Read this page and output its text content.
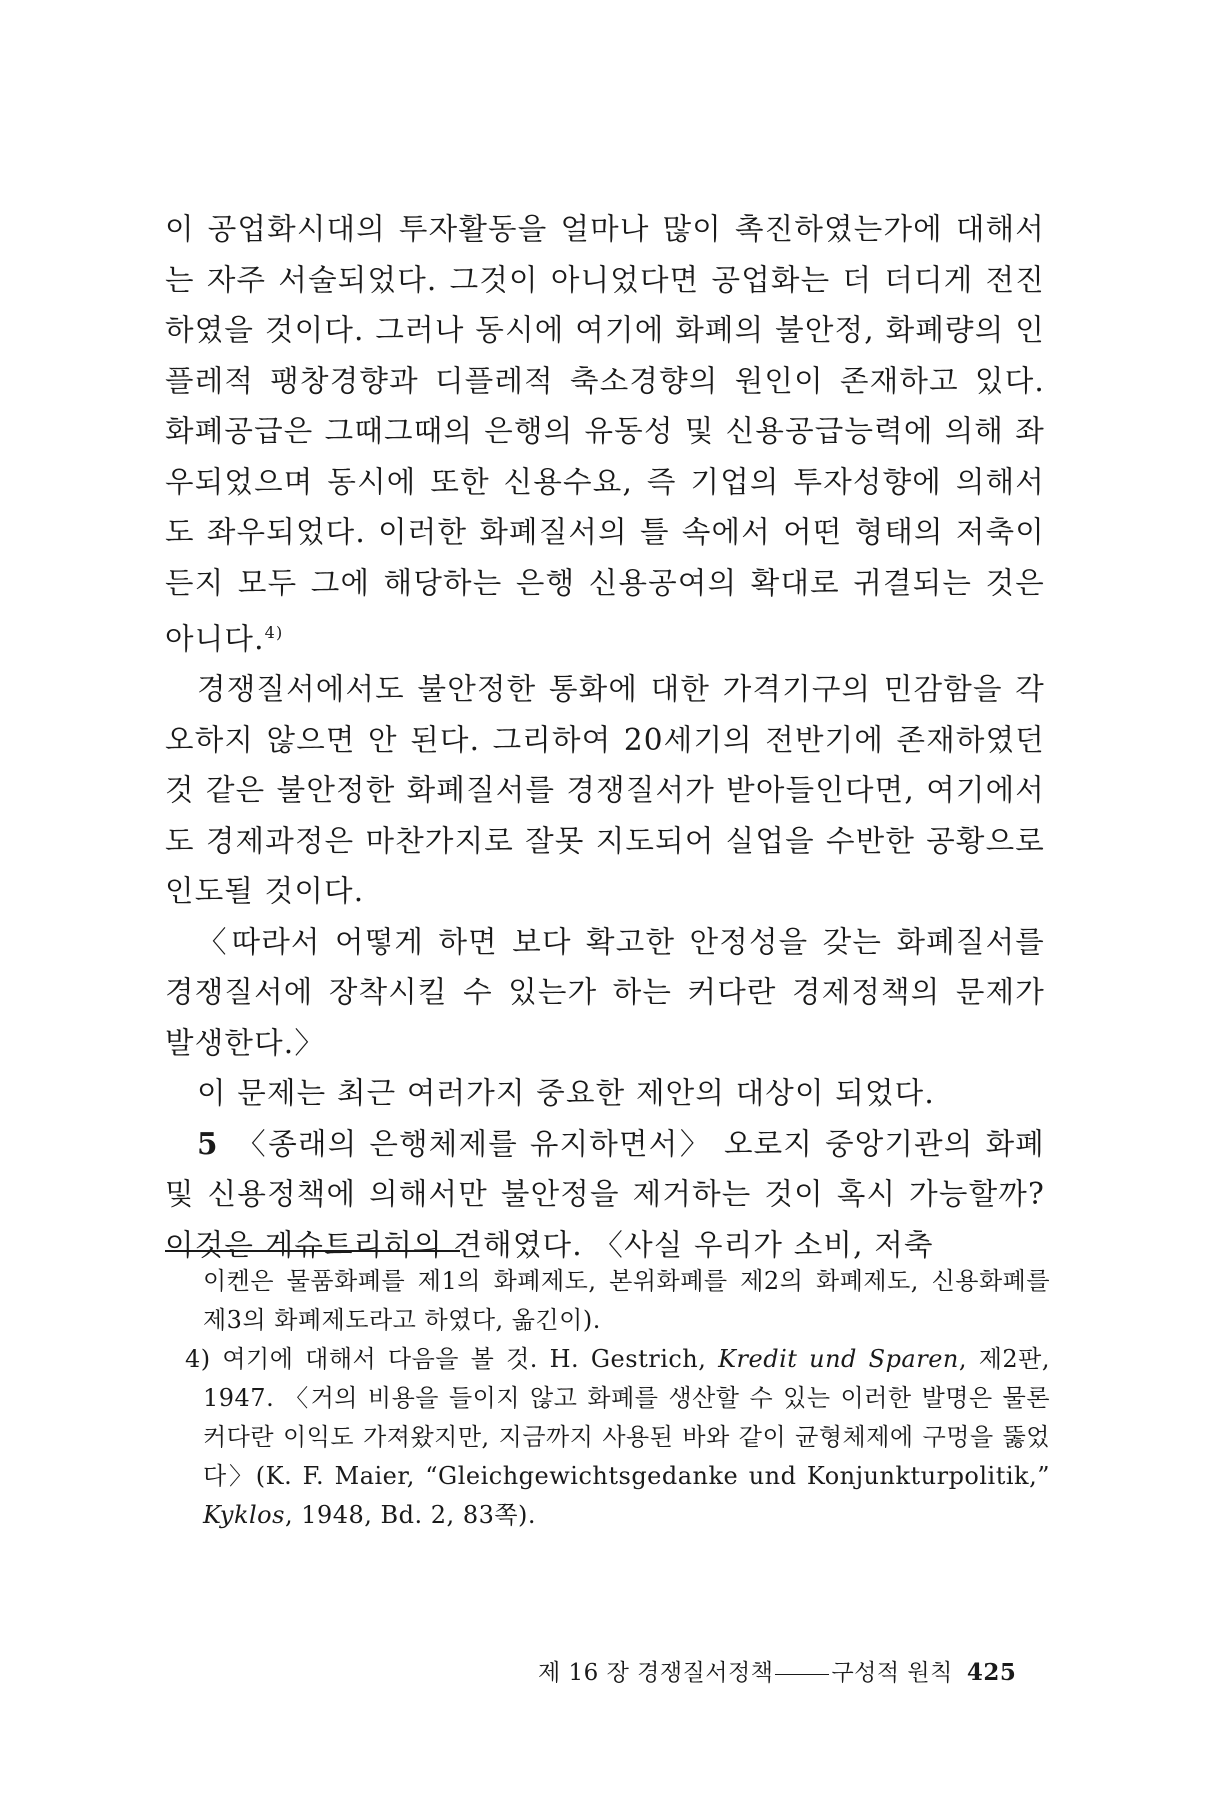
이 공업화시대의 투자활동을 얼마나 많이 촉진하였는가에 대해서는 자주 서술되었다. 그것이 아니었다면 공업화는 더 더디게 전진하였을 것이다. 그러나 동시에 여기에 화폐의 불안정, 화폐량의 인플레적 팽창경향과 디플레적 축소경향의 원인이 존재하고 있다. 화폐공급은 그때그때의 은행의 유동성 및 신용공급능력에 의해 좌우되었으며 동시에 또한 신용수요, 즉 기업의 투자성향에 의해서도 좌우되었다. 이러한 화폐질서의 틀 속에서 어떤 형태의 저축이든지 모두 그에 해당하는 은행 신용공여의 확대로 귀결되는 것은 아니다.$^{4)}$

경쟁질서에서도 불안정한 통화에 대한 가격기구의 민감함을 각오하지 않으면 안 된다. 그리하여 20세기의 전반기에 존재하였던 것 같은 불안정한 화폐질서를 경쟁질서가 받아들인다면, 여기에서도 경제과정은 마찬가지로 잘못 지도되어 실업을 수반한 공황으로 인도될 것이다.

〈따라서 어떻게 하면 보다 확고한 안정성을 갖는 화폐질서를 경쟁질서에 장착시킬 수 있는가 하는 커다란 경제정책의 문제가 발생한다.〉

이 문제는 최근 여러가지 중요한 제안의 대상이 되었다.

5 〈종래의 은행체제를 유지하면서〉 오로지 중앙기관의 화폐 및 신용정책에 의해서만 불안정을 제거하는 것이 혹시 가능할까? 이것은 게슈트리히의 견해였다. 〈사실 우리가 소비, 저축

이켄은 물품화폐를 제1의 화폐제도, 본위화폐를 제2의 화폐제도, 신용화폐를 제3의 화폐제도라고 하였다, 옮긴이).

4) 여기에 대해서 다음을 볼 것. H. Gestrich, Kredit und Sparen, 제2판, 1947. 〈거의 비용을 들이지 않고 화폐를 생산할 수 있는 이러한 발명은 물론 커다란 이익도 가져왔지만, 지금까지 사용된 바와 같이 균형체제에 구멍을 뚫었다〉(K. F. Maier, “Gleichgewichtsgedanke und Konjunkturpolitik,” Kyklos, 1948, Bd. 2, 83쪽).

제 16 장 경쟁질서정책	구성적 원칙 425
